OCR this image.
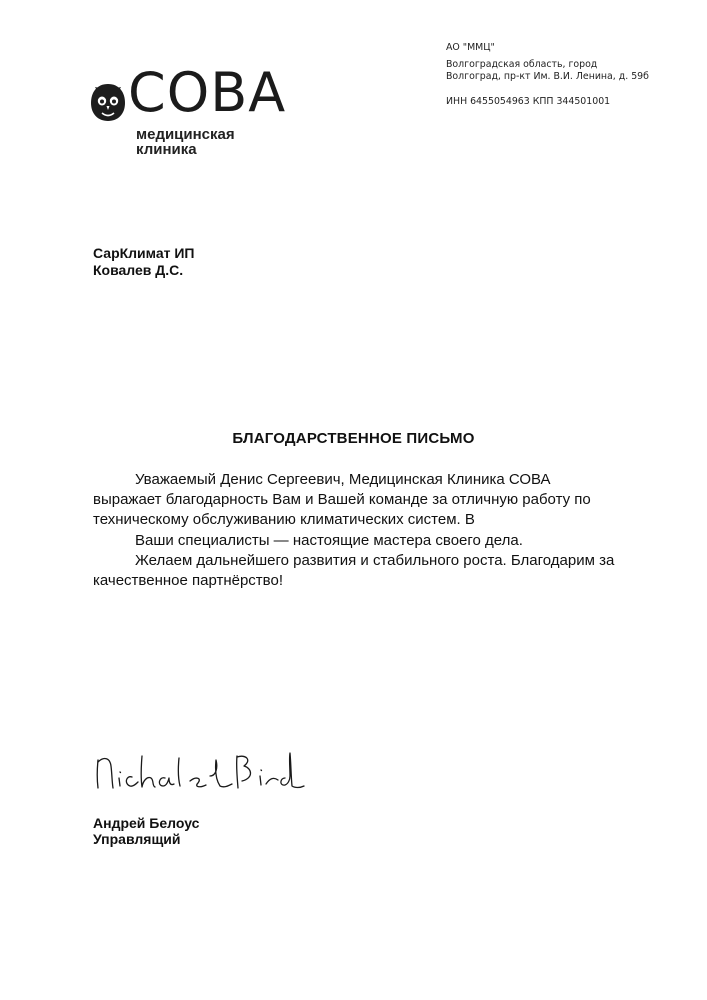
СОВА
медицинская
клиника
АО "ММЦ"
Волгоградская область, город
Волгоград, пр-кт Им. В.И. Ленина, д. 59б
ИНН 6455054963 КПП 344501001
СарКлимат ИП
Ковалев Д.С.
БЛАГОДАРСТВЕННОЕ ПИСЬМО
Уважаемый Денис Сергеевич, Медицинская Клиника СОВА
выражает благодарность Вам и Вашей команде за отличную работу по
техническому обслуживанию климатических систем. В
Ваши специалисты — настоящие мастера своего дела.
Желаем дальнейшего развития и стабильного роста. Благодарим за
качественное партнёрство!
Андрей Белоус
Управлящий
